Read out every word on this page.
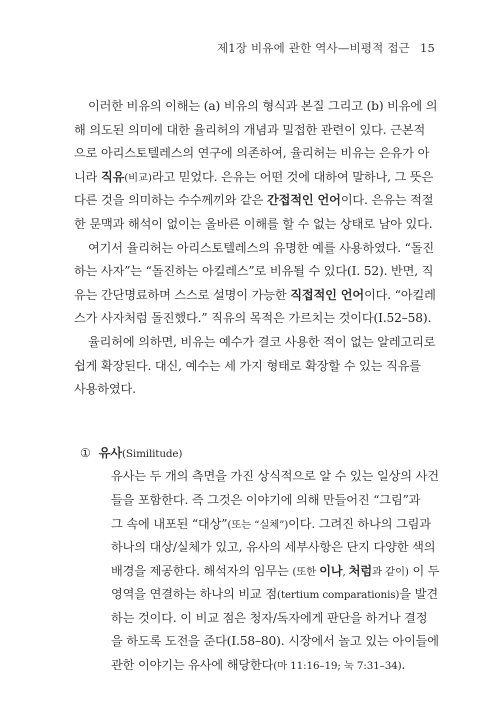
제1장 비유에 관한 역사—비평적 접근 15
이러한 비유의 이해는 (a) 비유의 형식과 본질 그리고 (b) 비유에 의
해 의도된 의미에 대한 율리허의 개념과 밀접한 관련이 있다. 근본적
으로 아리스토텔레스의 연구에 의존하여, 율리허는 비유는 은유가 아
니라 직유(비교)라고 믿었다. 은유는 어떤 것에 대하여 말하나, 그 뜻은
다른 것을 의미하는 수수께끼와 같은 간접적인 언어이다. 은유는 적절
한 문맥과 해석이 없이는 올바른 이해를 할 수 없는 상태로 남아 있다.
여기서 율리허는 아리스토텔레스의 유명한 예를 사용하였다. “돌진
하는 사자”는 “돌진하는 아킬레스”로 비유될 수 있다(I. 52). 반면, 직
유는 간단명료하며 스스로 설명이 가능한 직접적인 언어이다. “아킬레
스가 사자처럼 돌진했다.” 직유의 목적은 가르치는 것이다(I.52–58).
율리허에 의하면, 비유는 예수가 결코 사용한 적이 없는 알레고리로
쉽게 확장된다. 대신, 예수는 세 가지 형태로 확장할 수 있는 직유를
사용하였다.
① 유사(Similitude)
유사는 두 개의 측면을 가진 상식적으로 알 수 있는 일상의 사건
들을 포함한다. 즉 그것은 이야기에 의해 만들어진 “그림”과
그 속에 내포된 “대상”(또는 “실체”)이다. 그려진 하나의 그림과
하나의 대상/실체가 있고, 유사의 세부사항은 단지 다양한 색의
배경을 제공한다. 해석자의 임무는 (또한 이나, 처럼과 같이) 이 두
영역을 연결하는 하나의 비교 점(tertium comparationis)을 발견
하는 것이다. 이 비교 점은 청자/독자에게 판단을 하거나 결정
을 하도록 도전을 준다(I.58–80). 시장에서 놀고 있는 아이들에
관한 이야기는 유사에 해당한다(마 11:16–19; 눅 7:31–34).
